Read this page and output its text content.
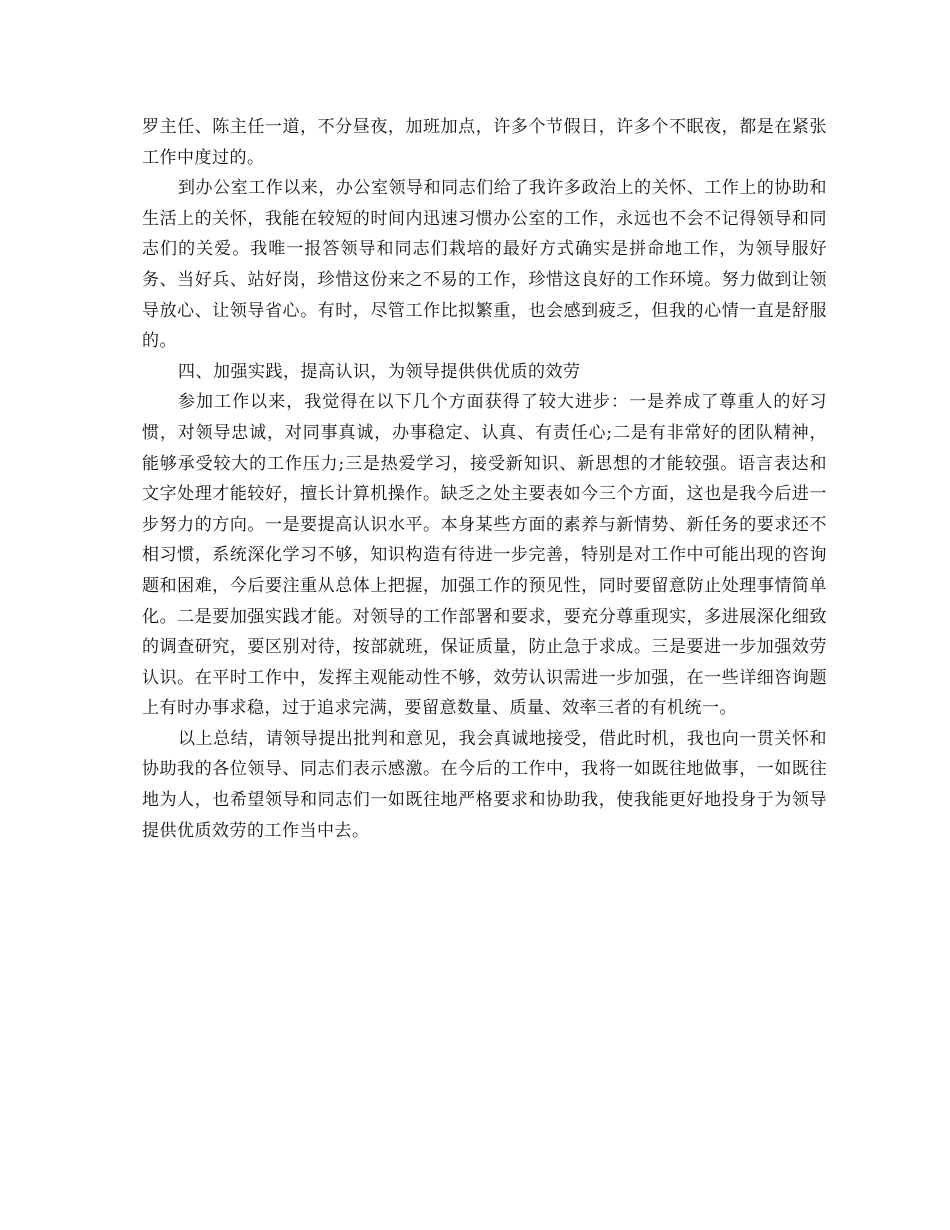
罗主任、陈主任一道，不分昼夜，加班加点，许多个节假日，许多个不眠夜，都是在紧张工作中度过的。

到办公室工作以来，办公室领导和同志们给了我许多政治上的关怀、工作上的协助和生活上的关怀，我能在较短的时间内迅速习惯办公室的工作，永远也不会不记得领导和同志们的关爱。我唯一报答领导和同志们栽培的最好方式确实是拼命地工作，为领导服好务、当好兵、站好岗，珍惜这份来之不易的工作，珍惜这良好的工作环境。努力做到让领导放心、让领导省心。有时，尽管工作比拟繁重，也会感到疲乏，但我的心情一直是舒服的。

四、加强实践，提高认识，为领导提供供优质的效劳

参加工作以来，我觉得在以下几个方面获得了较大进步：一是养成了尊重人的好习惯，对领导忠诚，对同事真诚，办事稳定、认真、有责任心;二是有非常好的团队精神，能够承受较大的工作压力;三是热爱学习，接受新知识、新思想的才能较强。语言表达和文字处理才能较好，擅长计算机操作。缺乏之处主要表如今三个方面，这也是我今后进一步努力的方向。一是要提高认识水平。本身某些方面的素养与新情势、新任务的要求还不相习惯，系统深化学习不够，知识构造有待进一步完善，特别是对工作中可能出现的咨询题和困难，今后要注重从总体上把握，加强工作的预见性，同时要留意防止处理事情简单化。二是要加强实践才能。对领导的工作部署和要求，要充分尊重现实，多进展深化细致的调查研究，要区别对待，按部就班，保证质量，防止急于求成。三是要进一步加强效劳认识。在平时工作中，发挥主观能动性不够，效劳认识需进一步加强，在一些详细咨询题上有时办事求稳，过于追求完满，要留意数量、质量、效率三者的有机统一。

以上总结，请领导提出批判和意见，我会真诚地接受，借此时机，我也向一贯关怀和协助我的各位领导、同志们表示感激。在今后的工作中，我将一如既往地做事，一如既往地为人，也希望领导和同志们一如既往地严格要求和协助我，使我能更好地投身于为领导提供优质效劳的工作当中去。
